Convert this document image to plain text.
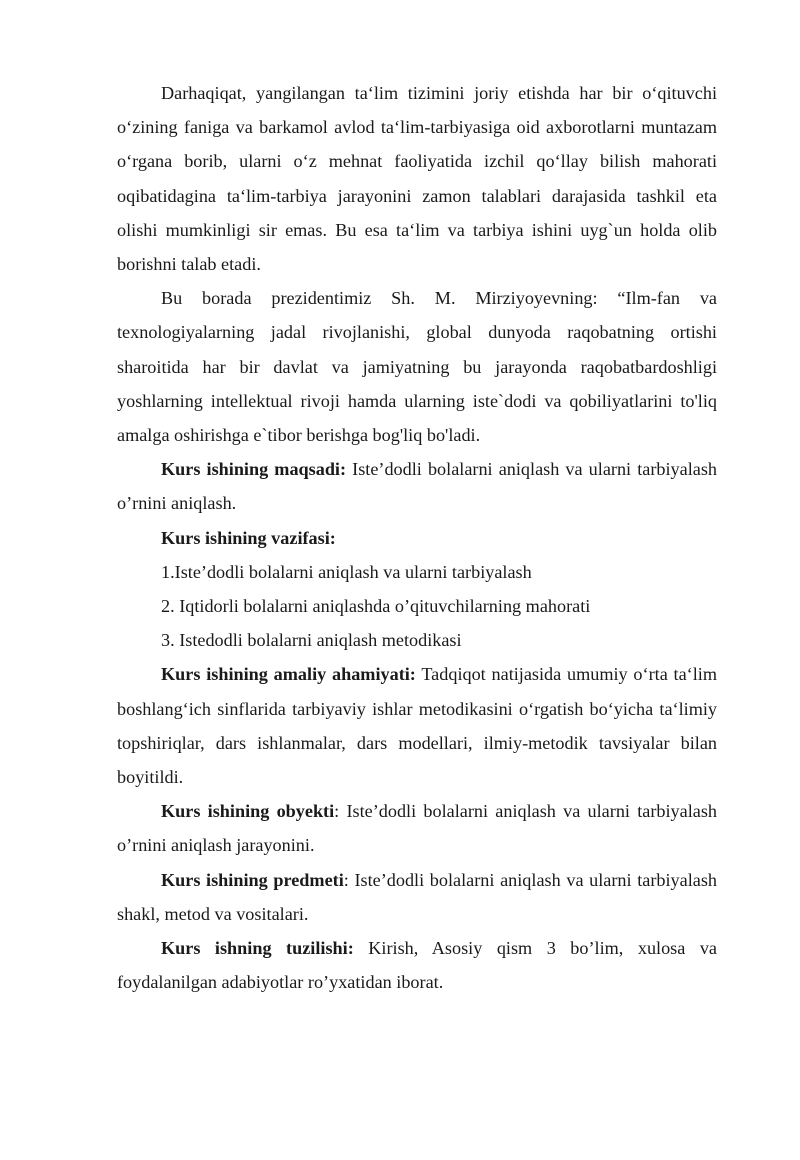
Darhaqiqat, yangilangan ta‘lim tizimini joriy etishda har bir o‘qituvchi o‘zining faniga va barkamol avlod ta‘lim-tarbiyasiga oid axborotlarni muntazam o‘rgana borib, ularni o‘z mehnat faoliyatida izchil qo‘llay bilish mahorati oqibatidagina ta‘lim-tarbiya jarayonini zamon talablari darajasida tashkil eta olishi mumkinligi sir emas. Bu esa ta‘lim va tarbiya ishini uyg`un holda olib borishni talab etadi.

Bu borada prezidentimiz Sh. M. Mirziyoyevning: “Ilm-fan va texnologiyalarning jadal rivojlanishi, global dunyoda raqobatning ortishi sharoitida har bir davlat va jamiyatning bu jarayonda raqobatbardoshligi yoshlarning intellektual rivoji hamda ularning iste`dodi va qobiliyatlarini to'liq amalga oshirishga e`tibor berishga bog'liq bo'ladi.

Kurs ishining maqsadi: Iste’dodli bolalarni aniqlash va ularni tarbiyalash o’rnini aniqlash.

Kurs ishining vazifasi:

1.Iste’dodli bolalarni aniqlash va ularni tarbiyalash

2. Iqtidorli bolalarni aniqlashda o’qituvchilarning mahorati

3. Istedodli bolalarni aniqlash metodikasi

Kurs ishining amaliy ahamiyati: Tadqiqot natijasida umumiy o‘rta ta‘lim boshlang‘ich sinflarida tarbiyaviy ishlar metodikasini o‘rgatish bo‘yicha ta‘limiy topshiriqlar, dars ishlanmalar, dars modellari, ilmiy-metodik tavsiyalar bilan boyitildi.

Kurs ishining obyekti: Iste’dodli bolalarni aniqlash va ularni tarbiyalash o’rnini aniqlash jarayonini.

Kurs ishining predmeti: Iste’dodli bolalarni aniqlash va ularni tarbiyalash shakl, metod va vositalari.

Kurs ishning tuzilishi: Kirish, Asosiy qism 3 bo’lim, xulosa va foydalanilgan adabiyotlar ro’yxatidan iborat.
